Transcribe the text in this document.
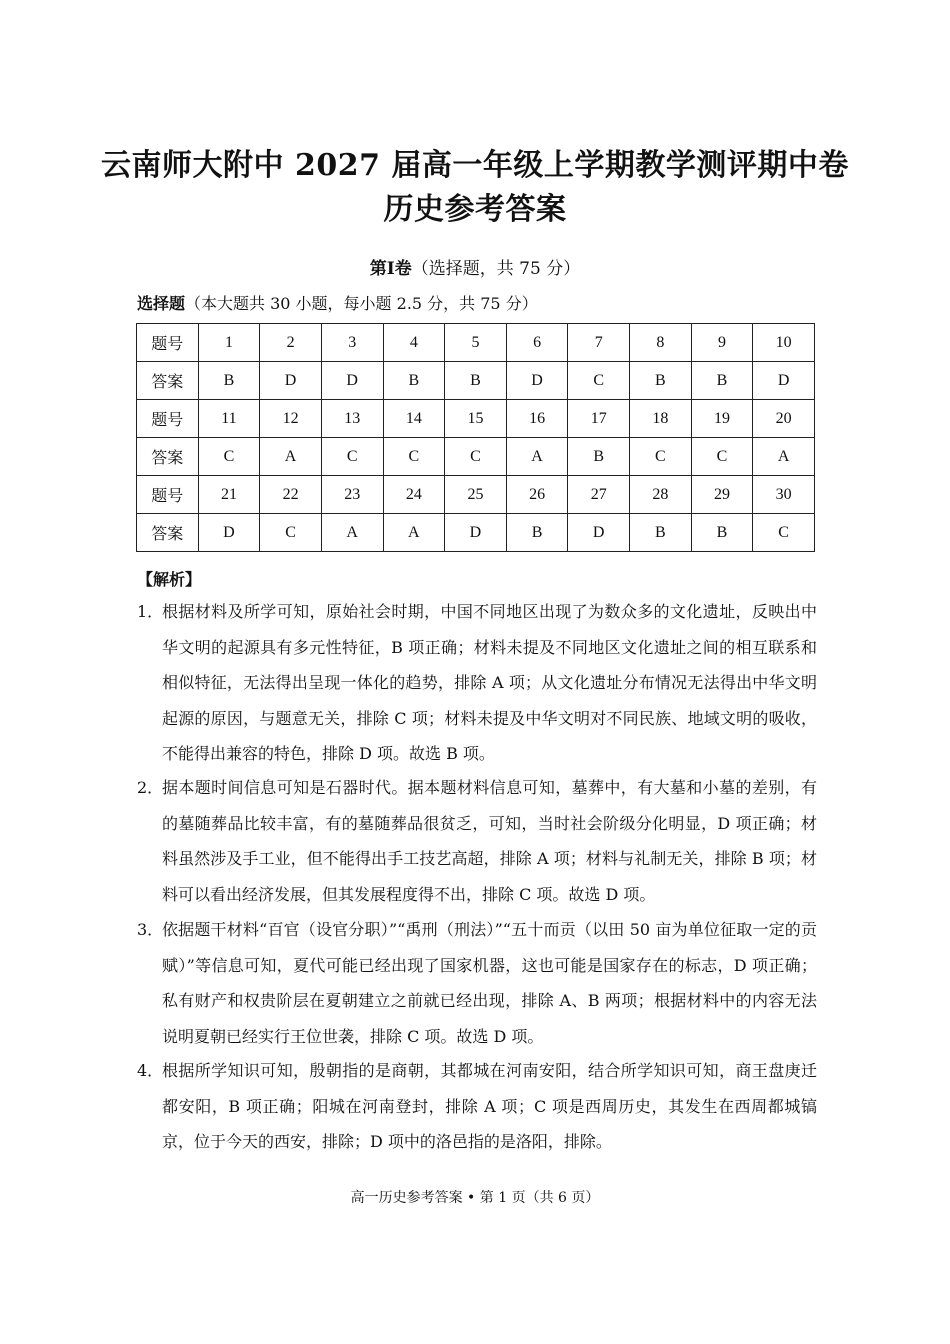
云南师大附中 2027 届高一年级上学期教学测评期中卷
历史参考答案
第Ⅰ卷（选择题，共 75 分）
选择题（本大题共 30 小题，每小题 2.5 分，共 75 分）
题号	1	2	3	4	5	6	7	8	9	10
答案	B	D	D	B	B	D	C	B	B	D
题号	11	12	13	14	15	16	17	18	19	20
答案	C	A	C	C	C	A	B	C	C	A
题号	21	22	23	24	25	26	27	28	29	30
答案	D	C	A	A	D	B	D	B	B	C
【解析】
1．
根据材料及所学可知，原始社会时期，中国不同地区出现了为数众多的文化遗址，反映出中华文明的起源具有多元性特征，B 项正确；材料未提及不同地区文化遗址之间的相互联系和相似特征，无法得出呈现一体化的趋势，排除 A 项；从文化遗址分布情况无法得出中华文明起源的原因，与题意无关，排除 C 项；材料未提及中华文明对不同民族、地域文明的吸收，不能得出兼容的特色，排除 D 项。故选 B 项。
2．
据本题时间信息可知是石器时代。据本题材料信息可知，墓葬中，有大墓和小墓的差别，有的墓随葬品比较丰富，有的墓随葬品很贫乏，可知，当时社会阶级分化明显，D 项正确；材料虽然涉及手工业，但不能得出手工技艺高超，排除 A 项；材料与礼制无关，排除 B 项；材料可以看出经济发展，但其发展程度得不出，排除 C 项。故选 D 项。
3．
依据题干材料“百官（设官分职）”“禹刑（刑法）”“五十而贡（以田 50 亩为单位征取一定的贡赋）”等信息可知，夏代可能已经出现了国家机器，这也可能是国家存在的标志，D 项正确；私有财产和权贵阶层在夏朝建立之前就已经出现，排除 A、B 两项；根据材料中的内容无法说明夏朝已经实行王位世袭，排除 C 项。故选 D 项。
4．
根据所学知识可知，殷朝指的是商朝，其都城在河南安阳，结合所学知识可知，商王盘庚迁都安阳，B 项正确；阳城在河南登封，排除 A 项；C 项是西周历史，其发生在西周都城镐京，位于今天的西安，排除；D 项中的洛邑指的是洛阳，排除。
高一历史参考答案 • 第 1 页（共 6 页）
